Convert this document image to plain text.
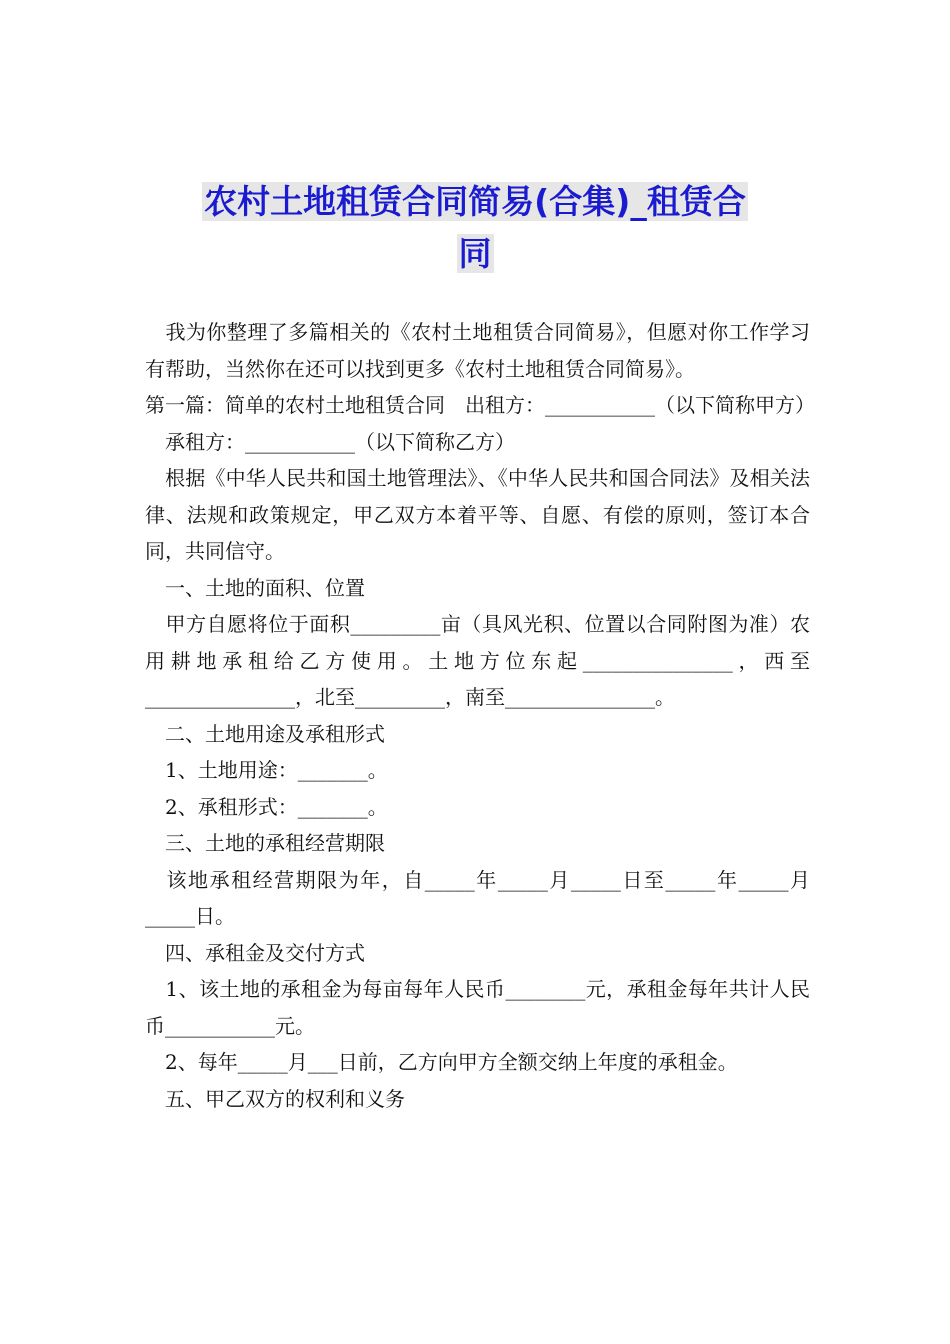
农村土地租赁合同简易(合集)_租赁合
同

　我为你整理了多篇相关的《农村土地租赁合同简易》，但愿对你工作学习有帮助，当然你在还可以找到更多《农村土地租赁合同简易》。

第一篇：简单的农村土地租赁合同　出租方：___________（以下简称甲方）

　承租方：___________（以下简称乙方）

　根据《中华人民共和国土地管理法》、《中华人民共和国合同法》及相关法律、法规和政策规定，甲乙双方本着平等、自愿、有偿的原则，签订本合同，共同信守。

　一、土地的面积、位置

　甲方自愿将位于面积_________亩（具风光积、位置以合同附图为准）农用耕地承租给乙方使用。土地方位东起_______________，西至_______________，北至_________，南至_______________。

　二、土地用途及承租形式

　1、土地用途：_______。

　2、承租形式：_______。

　三、土地的承租经营期限

　该地承租经营期限为年，自_____年_____月_____日至_____年_____月_____日。

　四、承租金及交付方式

　1、该土地的承租金为每亩每年人民币________元，承租金每年共计人民币___________元。

　2、每年_____月___日前，乙方向甲方全额交纳上年度的承租金。

　五、甲乙双方的权利和义务
